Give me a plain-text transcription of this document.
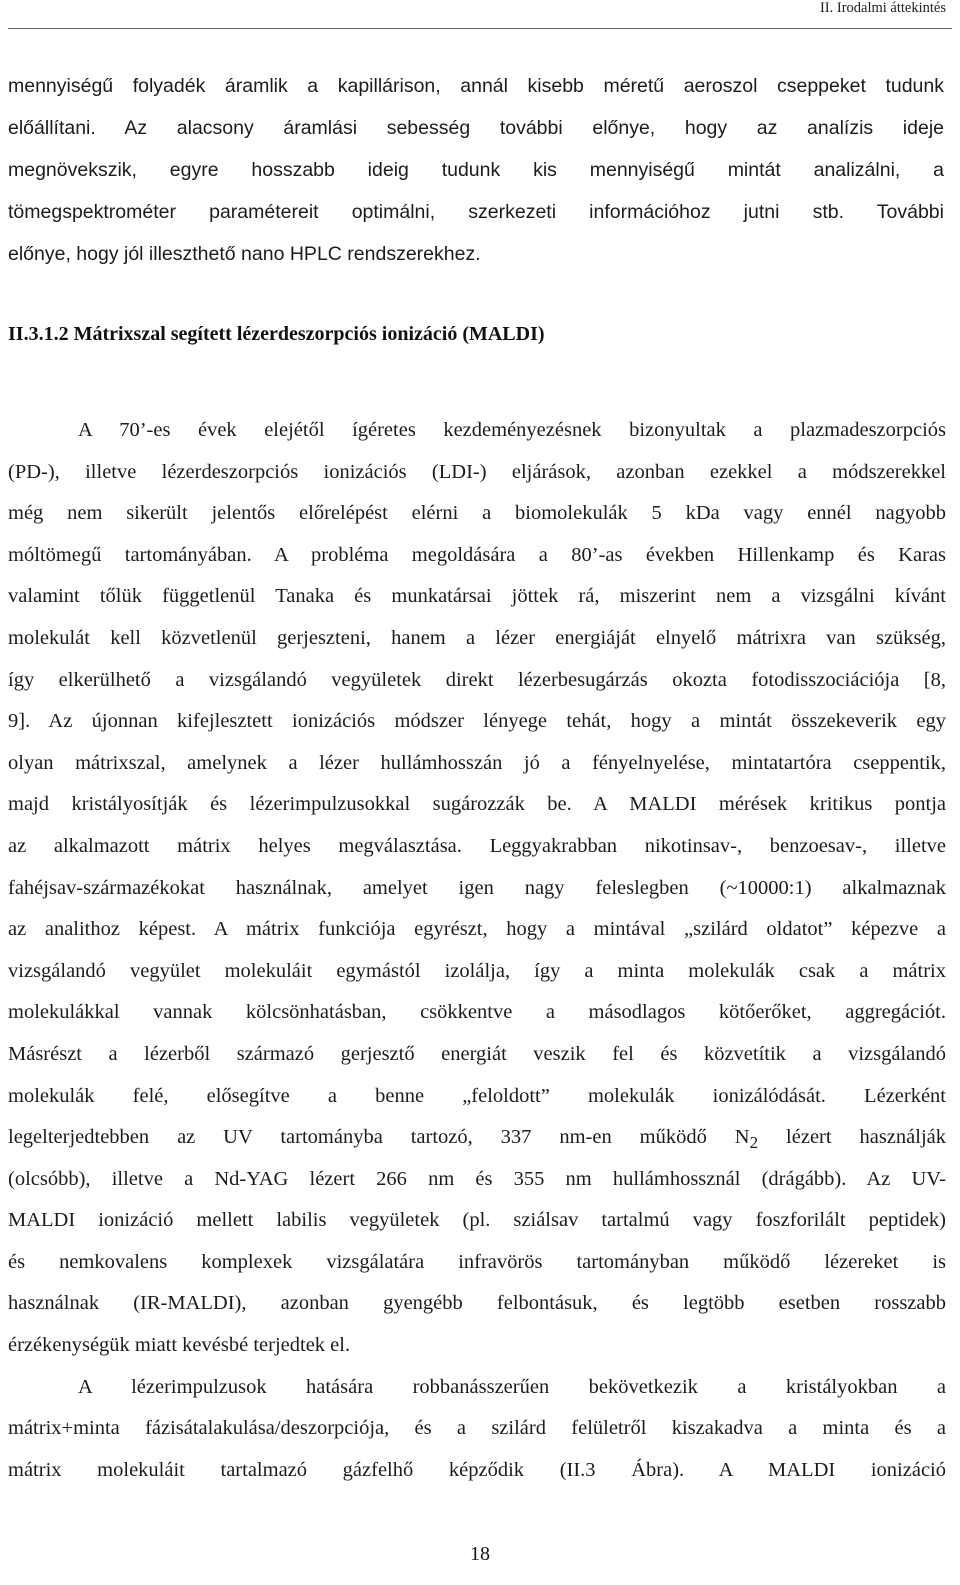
II. Irodalmi áttekintés
mennyiségű folyadék áramlik a kapillárison, annál kisebb méretű aeroszol cseppeket tudunk
előállítani. Az alacsony áramlási sebesség további előnye, hogy az analízis ideje
megnövekszik, egyre hosszabb ideig tudunk kis mennyiségű mintát analizálni, a
tömegspektrométer paramétereit optimálni, szerkezeti információhoz jutni stb. További
előnye, hogy jól illeszthető nano HPLC rendszerekhez.
II.3.1.2 Mátrixszal segített lézerdeszorpciós ionizáció (MALDI)
A 70’-es évek elejétől ígéretes kezdeményezésnek bizonyultak a plazmadeszorpciós
(PD-), illetve lézerdeszorpciós ionizációs (LDI-) eljárások, azonban ezekkel a módszerekkel
még nem sikerült jelentős előrelépést elérni a biomolekulák 5 kDa vagy ennél nagyobb
móltömegű tartományában. A probléma megoldására a 80’-as években Hillenkamp és Karas
valamint tőlük függetlenül Tanaka és munkatársai jöttek rá, miszerint nem a vizsgálni kívánt
molekulát kell közvetlenül gerjeszteni, hanem a lézer energiáját elnyelő mátrixra van szükség,
így elkerülhető a vizsgálandó vegyületek direkt lézerbesugárzás okozta fotodisszociációja [8,
9]. Az újonnan kifejlesztett ionizációs módszer lényege tehát, hogy a mintát összekeverik egy
olyan mátrixszal, amelynek a lézer hullámhosszán jó a fényelnyelése, mintatartóra cseppentik,
majd kristályosítják és lézerimpulzusokkal sugározzák be. A MALDI mérések kritikus pontja
az alkalmazott mátrix helyes megválasztása. Leggyakrabban nikotinsav-, benzoesav-, illetve
fahéjsav-származékokat használnak, amelyet igen nagy feleslegben (~10000:1) alkalmaznak
az analithoz képest. A mátrix funkciója egyrészt, hogy a mintával „szilárd oldatot” képezve a
vizsgálandó vegyület molekuláit egymástól izolálja, így a minta molekulák csak a mátrix
molekulákkal vannak kölcsönhatásban, csökkentve a másodlagos kötőerőket, aggregációt.
Másrészt a lézerből származó gerjesztő energiát veszik fel és közvetítik a vizsgálandó
molekulák felé, elősegítve a benne „feloldott” molekulák ionizálódását. Lézerként
legelterjedtebben az UV tartományba tartozó, 337 nm-en működő $N_2$ lézert használják
(olcsóbb), illetve a Nd-YAG lézert 266 nm és 355 nm hullámhossznál (drágább). Az UV-
MALDI ionizáció mellett labilis vegyületek (pl. sziálsav tartalmú vagy foszforilált peptidek)
és nemkovalens komplexek vizsgálatára infravörös tartományban működő lézereket is
használnak (IR-MALDI), azonban gyengébb felbontásuk, és legtöbb esetben rosszabb
érzékenységük miatt kevésbé terjedtek el.
A lézerimpulzusok hatására robbanásszerűen bekövetkezik a kristályokban a
mátrix+minta fázisátalakulása/deszorpciója, és a szilárd felületről kiszakadva a minta és a
mátrix molekuláit tartalmazó gázfelhő képződik (II.3 Ábra). A MALDI ionizáció
18
